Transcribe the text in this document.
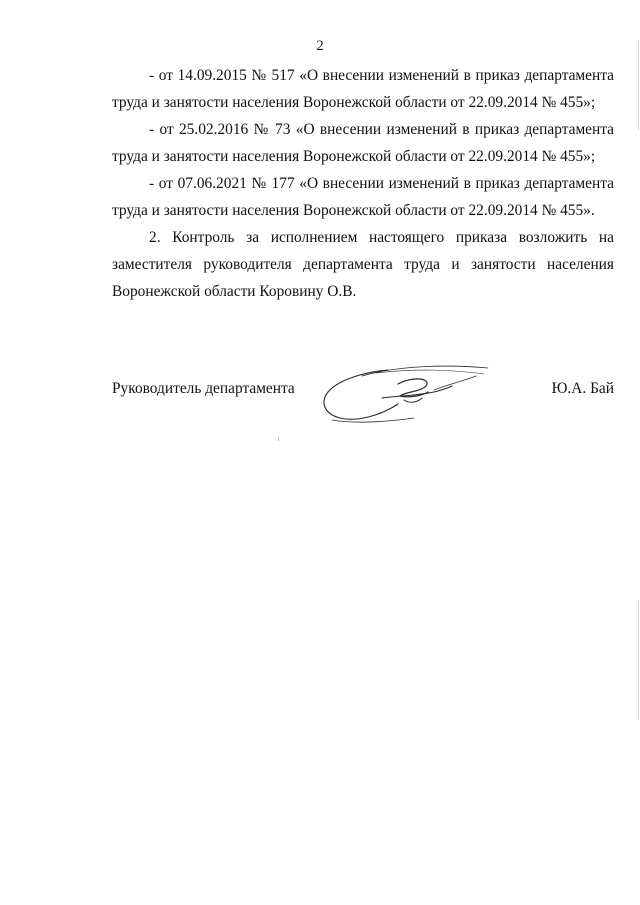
2

- от 14.09.2015 № 517 «О внесении изменений в приказ департамента труда и занятости населения Воронежской области от 22.09.2014 № 455»;

- от 25.02.2016 № 73 «О внесении изменений в приказ департамента труда и занятости населения Воронежской области от 22.09.2014 № 455»;

- от 07.06.2021 № 177 «О внесении изменений в приказ департамента труда и занятости населения Воронежской области от 22.09.2014 № 455».

2. Контроль за исполнением настоящего приказа возложить на заместителя руководителя департамента труда и занятости населения Воронежской области Коровину О.В.

Руководитель департамента	Ю.А. Бай
